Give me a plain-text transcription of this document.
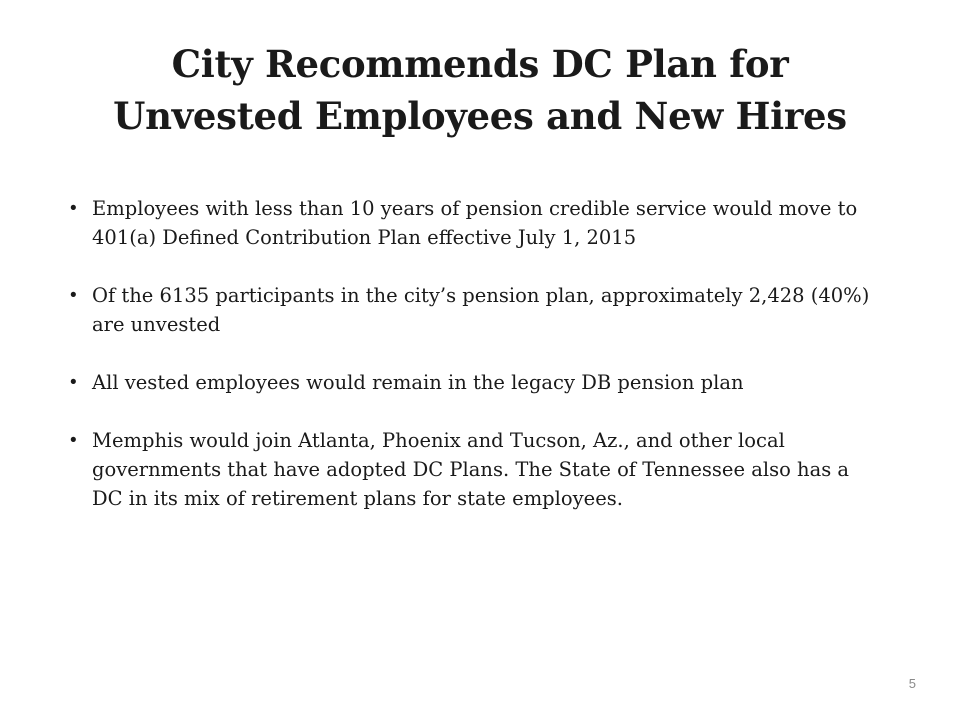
City Recommends DC Plan for
Unvested Employees and New Hires
• Employees with less than 10 years of pension credible service would move to 401(a) Defined Contribution Plan effective July 1, 2015
• Of the 6135 participants in the city’s pension plan, approximately 2,428 (40%) are unvested
• All vested employees would remain in the legacy DB pension plan
• Memphis would join Atlanta, Phoenix and Tucson, Az., and other local governments that have adopted DC Plans. The State of Tennessee also has a DC in its mix of retirement plans for state employees.
5
